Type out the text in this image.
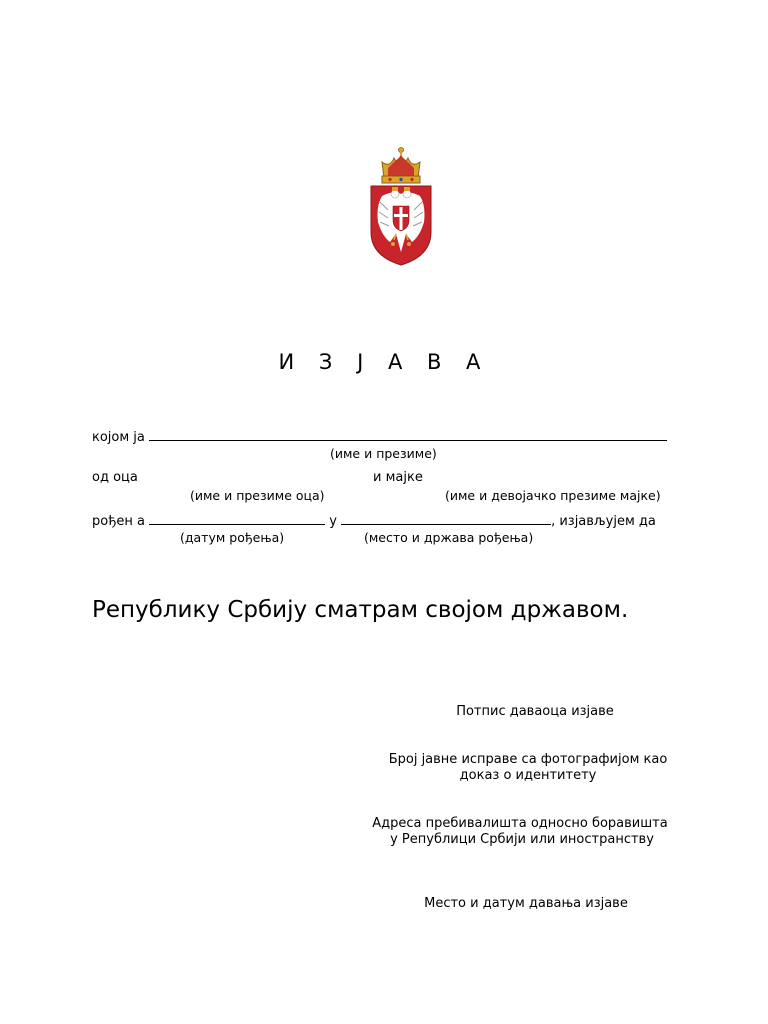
И З Ј А В А
којом ја
(име и презиме)
од оца	и мајке
(име и презиме оца)	(име и девојачко презиме мајке)
рођен а	у	, изјављујем да
(датум рођења)	(место и држава рођења)
Републику Србију сматрам својом државом.
Потпис даваоца изјаве
Број јавне исправе са фотографијом као
доказ о идентитету
Адреса пребивалишта односно боравишта
у Републици Србији или иностранству
Место и датум давања изјаве
